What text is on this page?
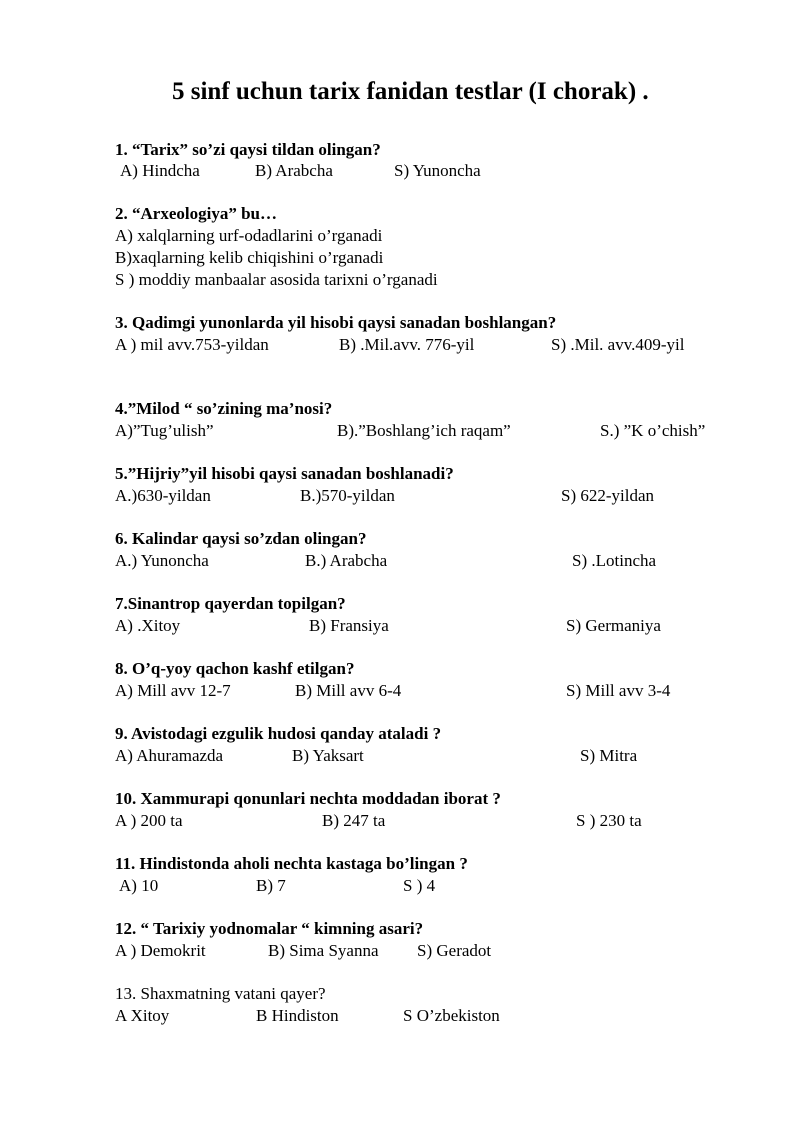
5 sinf uchun tarix fanidan testlar (I chorak) .
1. “Tarix” so’zi qaysi tildan olingan?
A) Hindcha	B) Arabcha	S) Yunoncha
2. “Arxeologiya” bu…
A) xalqlarning urf-odadlarini o’rganadi
B)xaqlarning kelib chiqishini o’rganadi
S ) moddiy manbaalar asosida tarixni o’rganadi
3. Qadimgi yunonlarda yil hisobi qaysi sanadan boshlangan?
A ) mil avv.753-yildan	B) .Mil.avv. 776-yil	S) .Mil. avv.409-yil
4.”Milod “ so’zining ma’nosi?
A)”Tug’ulish”	B).”Boshlang’ich raqam”	S.) ”K o’chish”
5.”Hijriy”yil hisobi qaysi sanadan boshlanadi?
A.)630-yildan	B.)570-yildan	S) 622-yildan
6. Kalindar qaysi so’zdan olingan?
A.) Yunoncha	B.) Arabcha	S) .Lotincha
7.Sinantrop qayerdan topilgan?
A) .Xitoy	B) Fransiya	S) Germaniya
8. O’q-yoy qachon kashf etilgan?
A) Mill avv 12-7	B) Mill avv 6-4	S) Mill avv 3-4
9. Avistodagi ezgulik hudosi qanday ataladi ?
A) Ahuramazda	B) Yaksart	S) Mitra
10. Xammurapi qonunlari nechta moddadan iborat ?
A ) 200 ta	B) 247 ta	S ) 230 ta
11. Hindistonda aholi nechta kastaga bo’lingan ?
A) 10	B) 7	S ) 4
12. “ Tarixiy yodnomalar “ kimning asari?
A ) Demokrit	B) Sima Syanna S) Geradot
13. Shaxmatning vatani qayer?
A Xitoy	B Hindiston	S O’zbekiston
